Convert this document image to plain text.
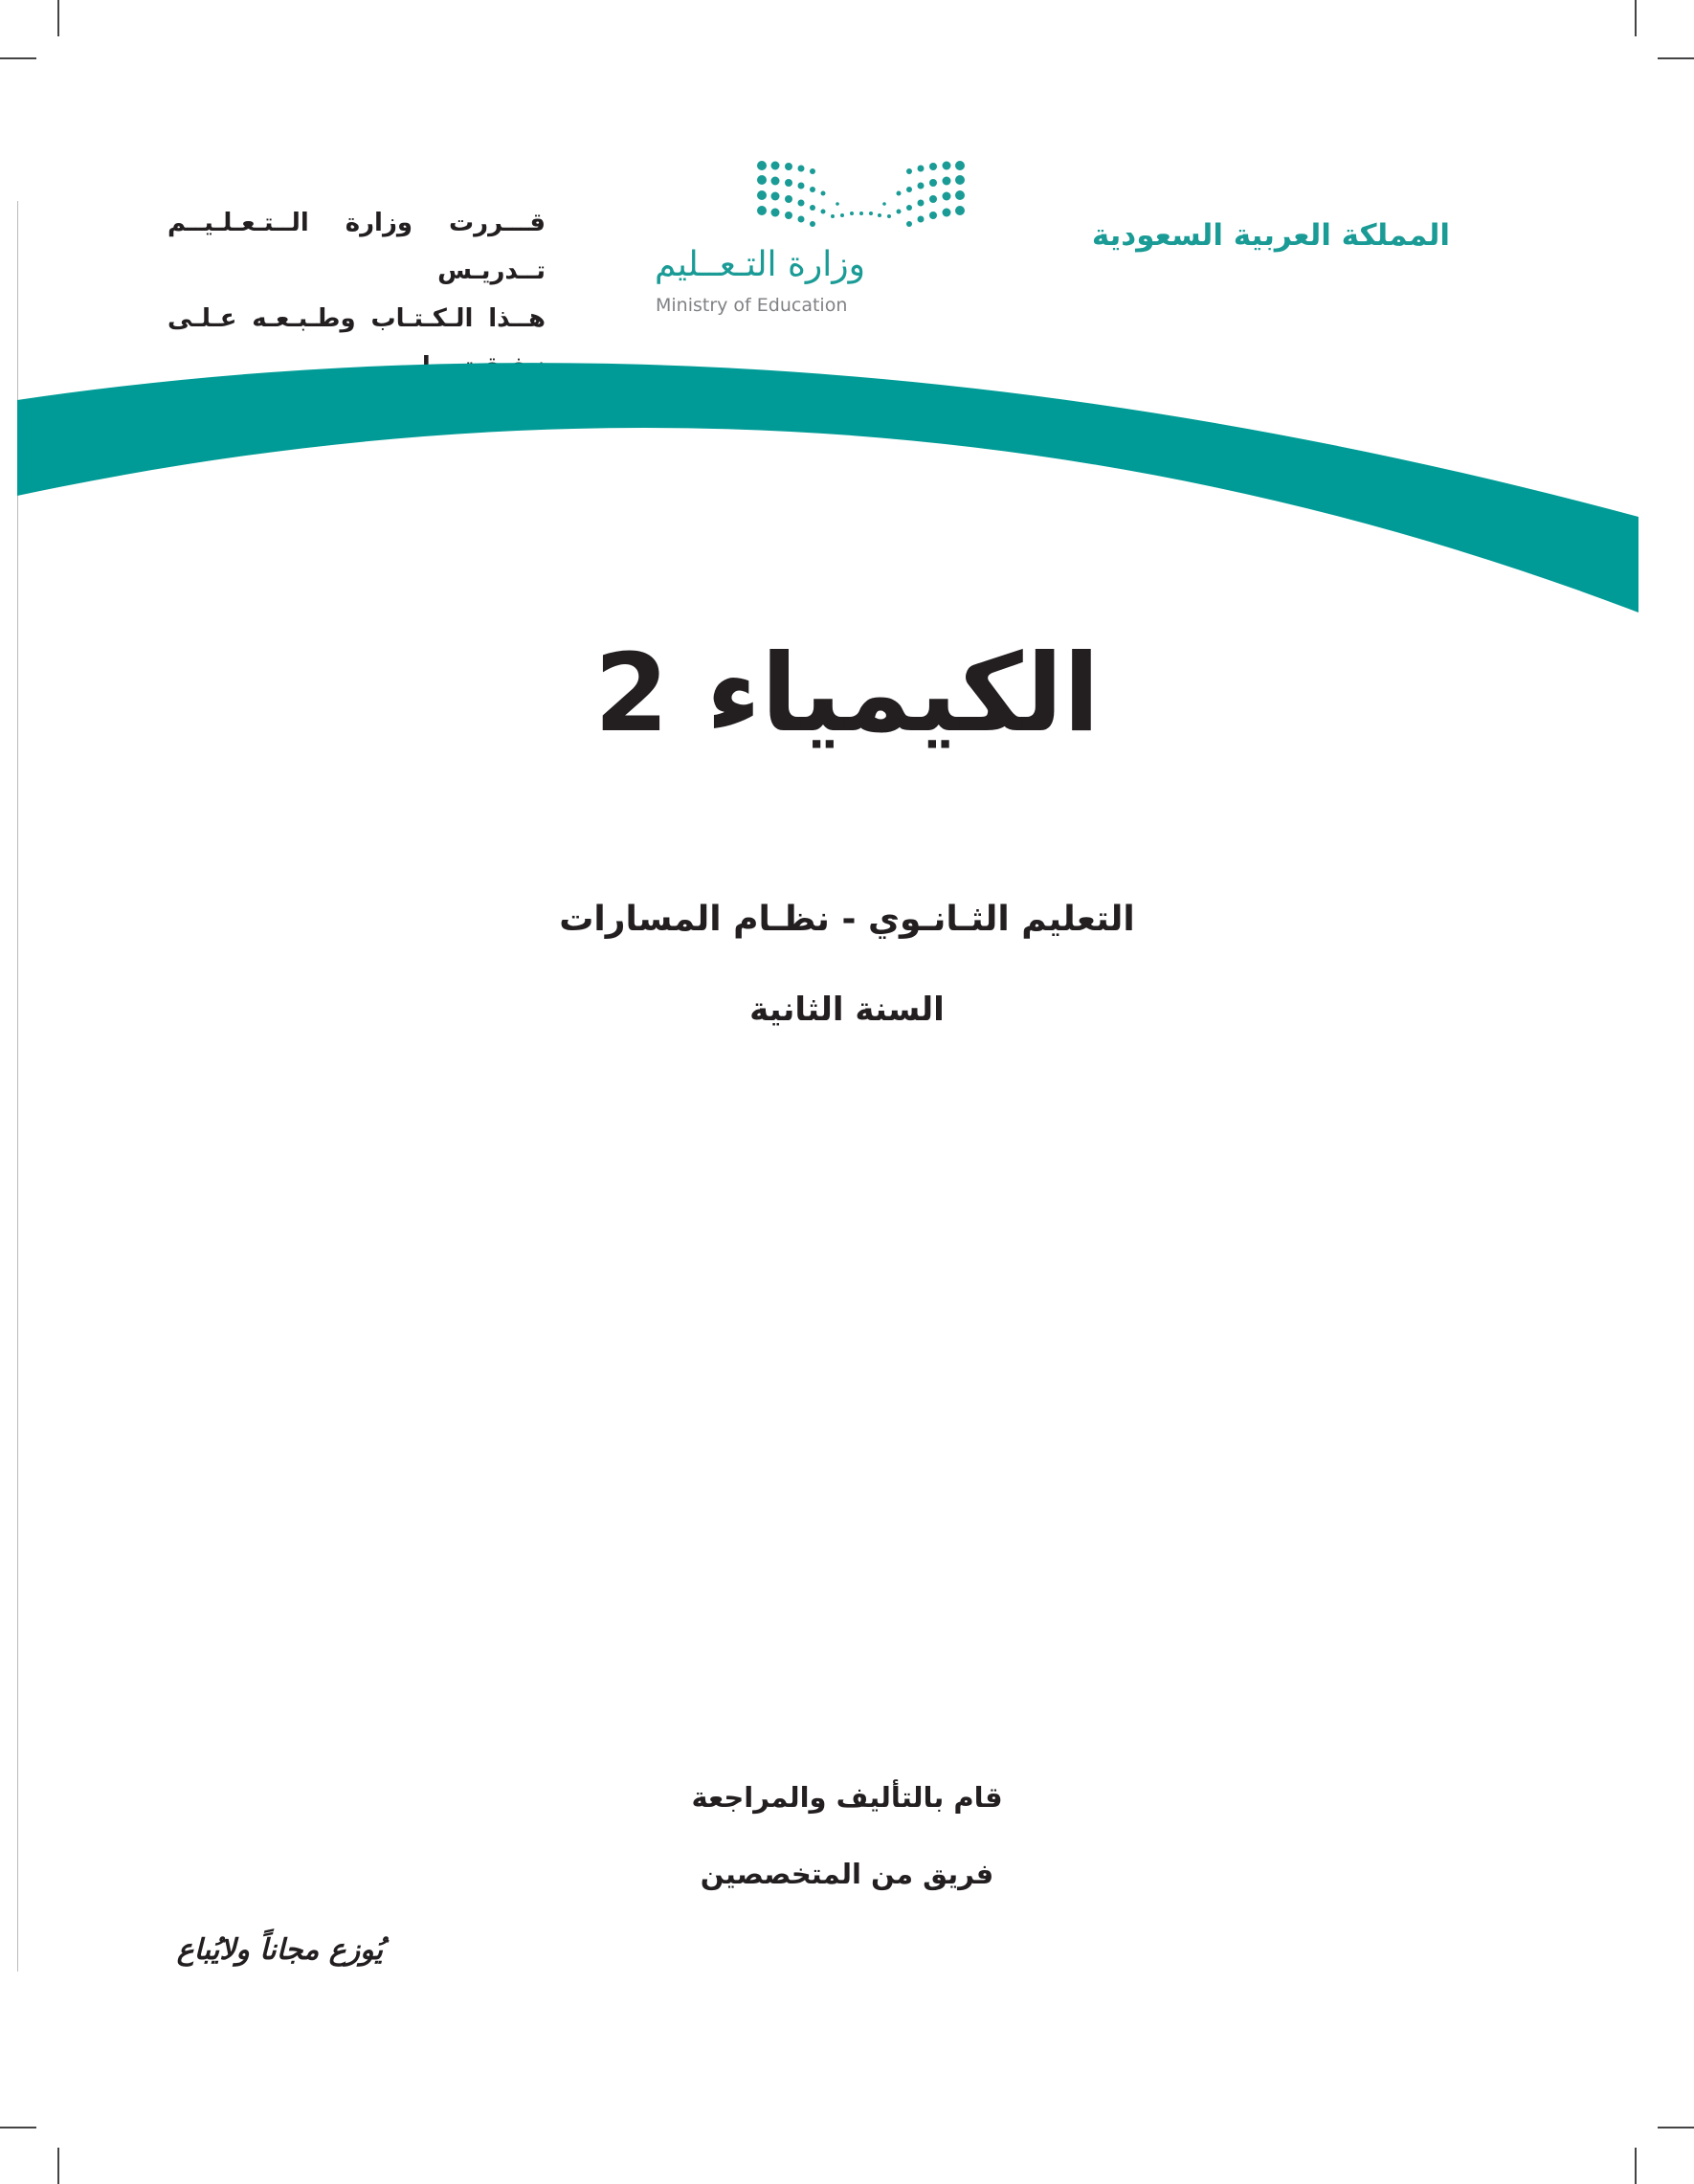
المملكة العربية السعودية
قـــررت وزارة الــتـعـلـيــم تــدريـس
هــذا الـكـتـاب وطـبـعـه عـلـى
وزارة التـعــليم
Ministry of Education
الكيمياء 2
التعليم الثـانـوي - نظـام المسارات
السنة الثانية
قام بالتأليف والمراجعة
فريق من المتخصصين
يُوزع مجاناً ولايُباع
